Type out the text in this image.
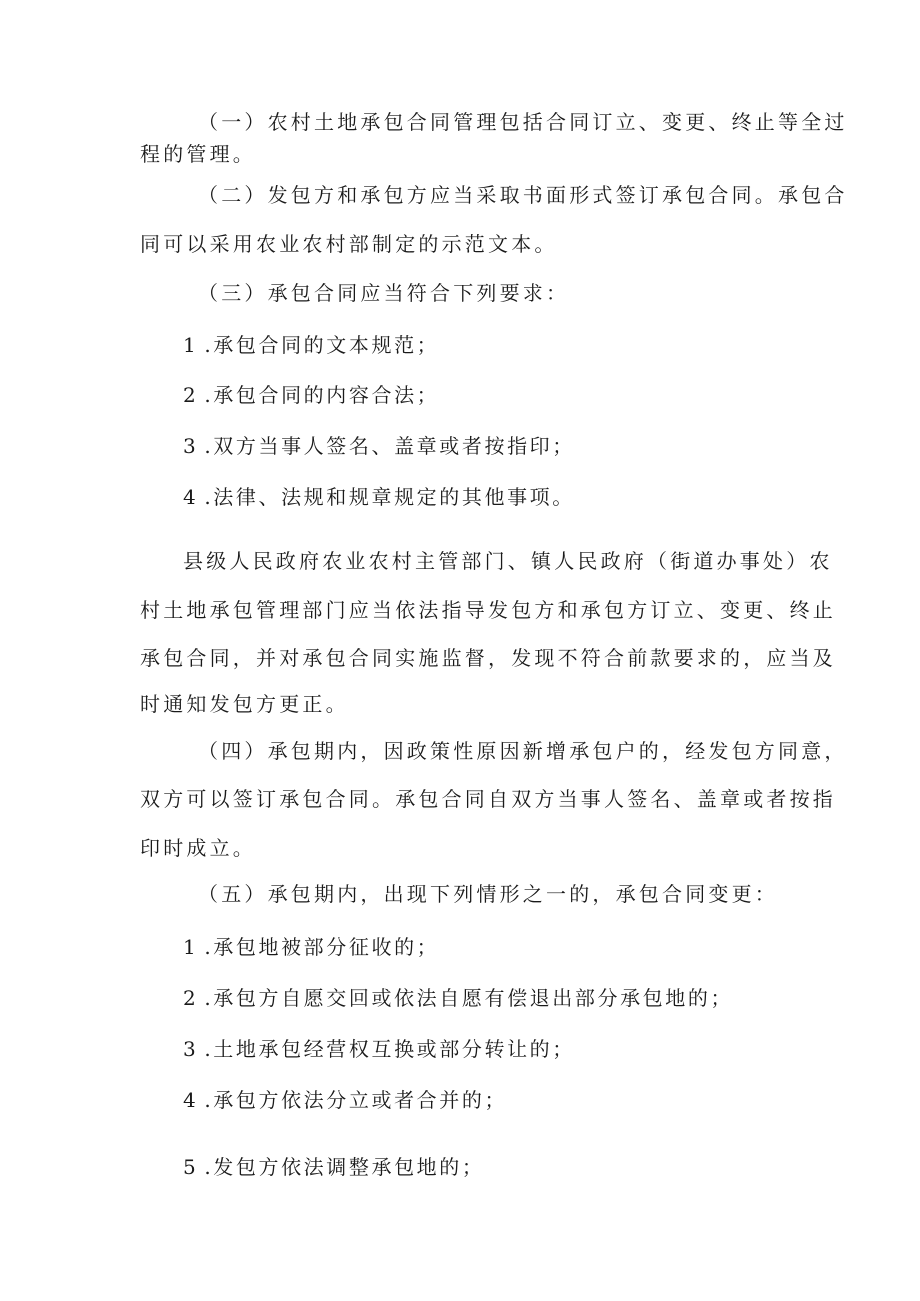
（一）农村土地承包合同管理包括合同订立、变更、终止等全过
程的管理。
（二）发包方和承包方应当采取书面形式签订承包合同。承包合
同可以采用农业农村部制定的示范文本。
（三）承包合同应当符合下列要求：
1 .承包合同的文本规范；
2 .承包合同的内容合法；
3 .双方当事人签名、盖章或者按指印；
4 .法律、法规和规章规定的其他事项。
县级人民政府农业农村主管部门、镇人民政府（街道办事处）农
村土地承包管理部门应当依法指导发包方和承包方订立、变更、终止
承包合同，并对承包合同实施监督，发现不符合前款要求的，应当及
时通知发包方更正。
（四）承包期内，因政策性原因新增承包户的，经发包方同意，
双方可以签订承包合同。承包合同自双方当事人签名、盖章或者按指
印时成立。
（五）承包期内，出现下列情形之一的，承包合同变更：
1 .承包地被部分征收的；
2 .承包方自愿交回或依法自愿有偿退出部分承包地的；
3 .土地承包经营权互换或部分转让的；
4 .承包方依法分立或者合并的；
5 .发包方依法调整承包地的；
